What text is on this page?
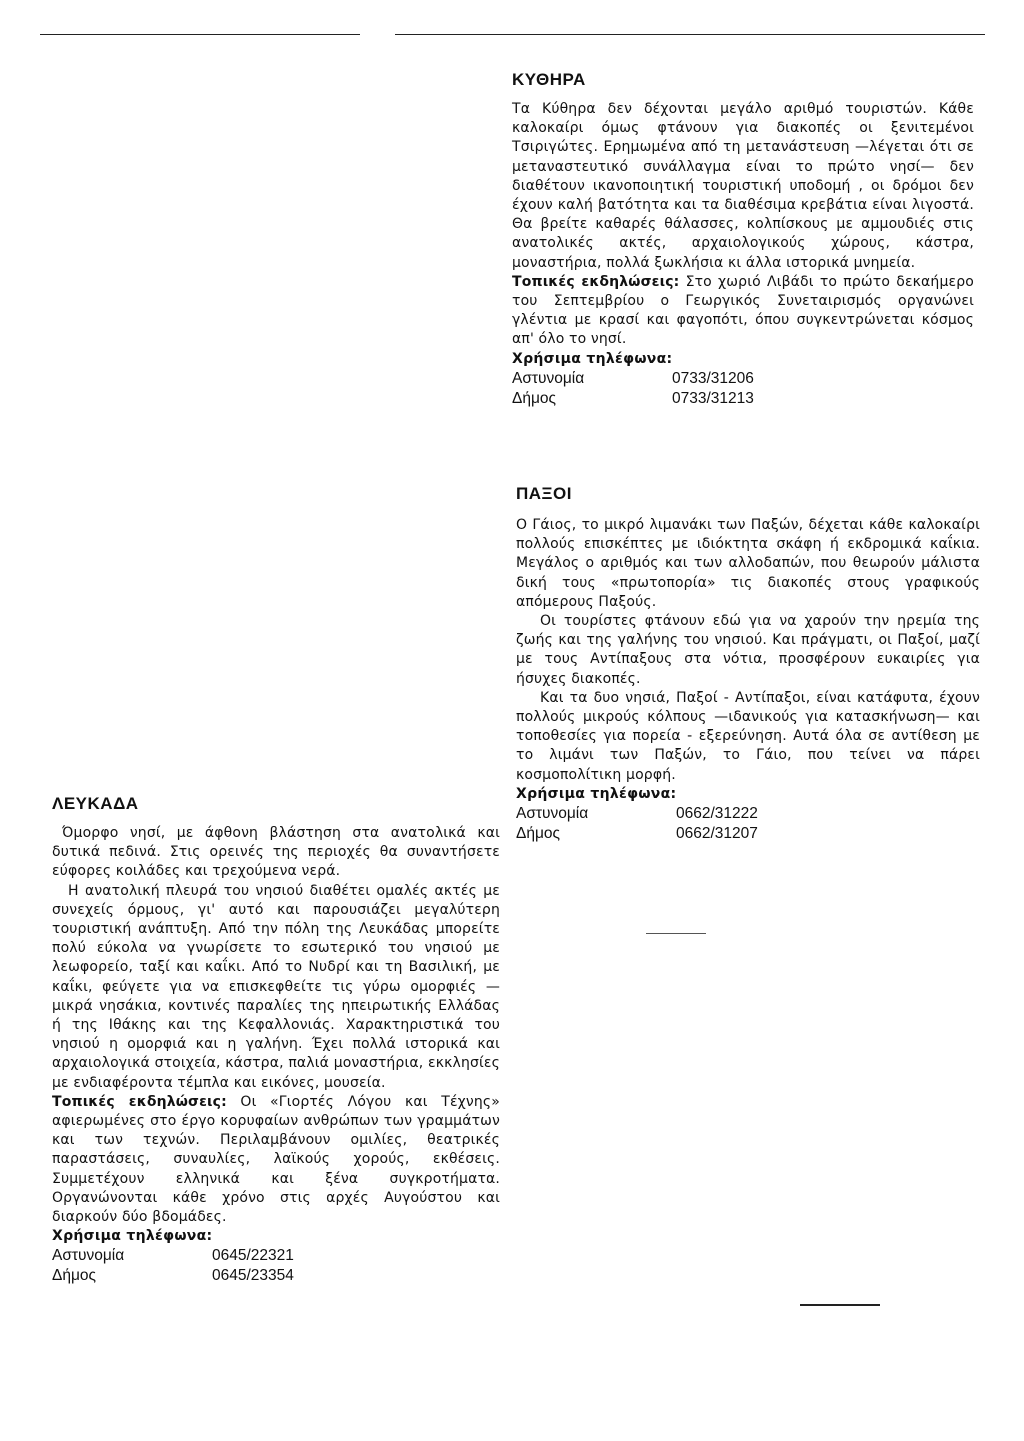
ΚΥΘΗΡΑ

Τα Κύθηρα δεν δέχονται μεγάλο αριθμό τουριστών. Κάθε καλοκαίρι όμως φτάνουν για διακοπές οι ξενιτεμένοι Τσιριγώτες. Ερημωμένα από τη μετανάστευση —λέγεται ότι σε μεταναστευτικό συνάλλαγμα είναι το πρώτο νησί— δεν διαθέτουν ικανοποιητική τουριστική υποδομή , οι δρόμοι δεν έχουν καλή βατότητα και τα διαθέσιμα κρεβάτια είναι λιγοστά. Θα βρείτε καθαρές θάλασσες, κολπίσκους με αμμουδιές στις ανατολικές ακτές, αρχαιολογικούς χώρους, κάστρα, μοναστήρια, πολλά ξωκλήσια κι άλλα ιστορικά μνημεία.

Τοπικές εκδηλώσεις: Στο χωριό Λιβάδι το πρώτο δεκαήμερο του Σεπτεμβρίου ο Γεωργικός Συνεταιρισμός οργανώνει γλέντια με κρασί και φαγοπότι, όπου συγκεντρώνεται κόσμος απ' όλο το νησί.

Χρήσιμα τηλέφωνα:

Αστυνομία	0733/31206
Δήμος	0733/31213
ΠΑΞΟΙ

Ο Γάιος, το μικρό λιμανάκι των Παξών, δέχεται κάθε καλοκαίρι πολλούς επισκέπτες με ιδιόκτητα σκάφη ή εκδρομικά καΐκια. Μεγάλος ο αριθμός και των αλλοδαπών, που θεωρούν μάλιστα δική τους «πρωτοπορία» τις διακοπές στους γραφικούς απόμερους Παξούς.

Οι τουρίστες φτάνουν εδώ για να χαρούν την ηρεμία της ζωής και της γαλήνης του νησιού. Και πράγματι, οι Παξοί, μαζί με τους Αντίπαξους στα νότια, προσφέρουν ευκαιρίες για ήσυχες διακοπές.

Και τα δυο νησιά, Παξοί - Αντίπαξοι, είναι κατάφυτα, έχουν πολλούς μικρούς κόλπους —ιδανικούς για κατασκήνωση— και τοποθεσίες για πορεία - εξερεύνηση. Αυτά όλα σε αντίθεση με το λιμάνι των Παξών, το Γάιο, που τείνει να πάρει κοσμοπολίτικη μορφή.

Χρήσιμα τηλέφωνα:

Αστυνομία	0662/31222
Δήμος	0662/31207
ΛΕΥΚΑΔΑ

Όμορφο νησί, με άφθονη βλάστηση στα ανατολικά και δυτικά πεδινά. Στις ορεινές της περιοχές θα συναντήσετε εύφορες κοιλάδες και τρεχούμενα νερά.

Η ανατολική πλευρά του νησιού διαθέτει ομαλές ακτές με συνεχείς όρμους, γι' αυτό και παρουσιάζει μεγαλύτερη τουριστική ανάπτυξη. Από την πόλη της Λευκάδας μπορείτε πολύ εύκολα να γνωρίσετε το εσωτερικό του νησιού με λεωφορείο, ταξί και καΐκι. Από το Νυδρί και τη Βασιλική, με καΐκι, φεύγετε για να επισκεφθείτε τις γύρω ομορφιές — μικρά νησάκια, κοντινές παραλίες της ηπειρωτικής Ελλάδας ή της Ιθάκης και της Κεφαλλονιάς. Χαρακτηριστικά του νησιού η ομορφιά και η γαλήνη. Έχει πολλά ιστορικά και αρχαιολογικά στοιχεία, κάστρα, παλιά μοναστήρια, εκκλησίες με ενδιαφέροντα τέμπλα και εικόνες, μουσεία.

Τοπικές εκδηλώσεις: Οι «Γιορτές Λόγου και Τέχνης» αφιερωμένες στο έργο κορυφαίων ανθρώπων των γραμμάτων και των τεχνών. Περιλαμβάνουν ομιλίες, θεατρικές παραστάσεις, συναυλίες, λαϊκούς χορούς, εκθέσεις. Συμμετέχουν ελληνικά και ξένα συγκροτήματα. Οργανώνονται κάθε χρόνο στις αρχές Αυγούστου και διαρκούν δύο βδομάδες.

Χρήσιμα τηλέφωνα:

Αστυνομία	0645/22321
Δήμος	0645/23354
